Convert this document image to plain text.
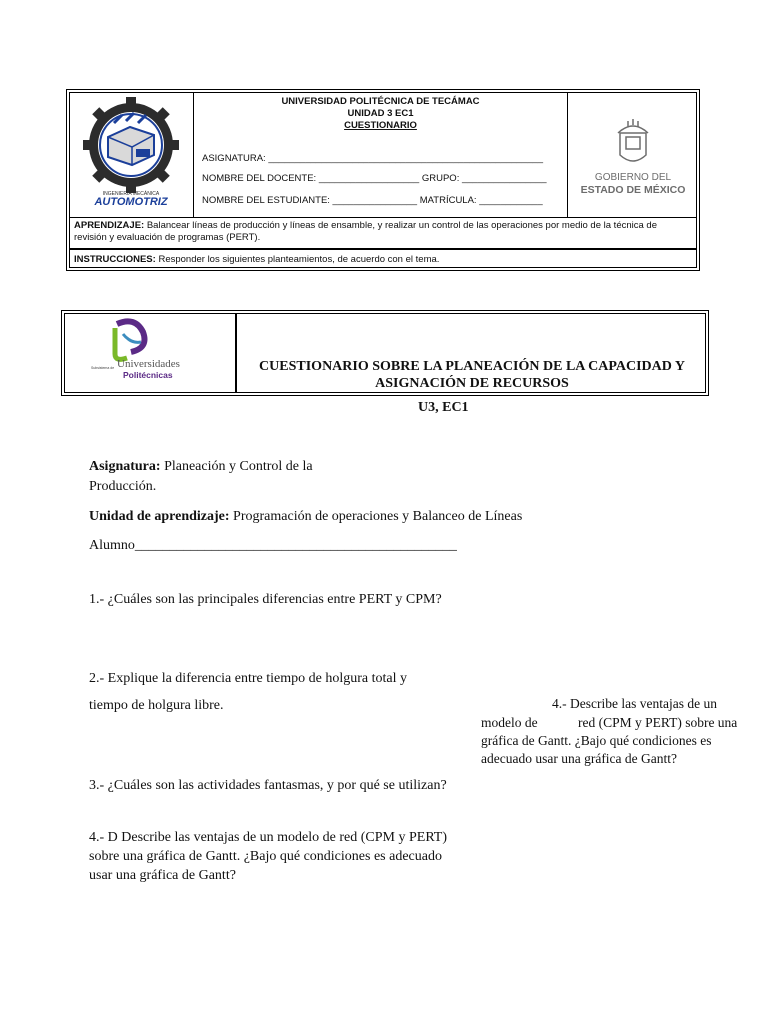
INGENIERÍA MECÁNICA
AUTOMOTRIZ
UNIVERSIDAD POLITÉCNICA DE TECÁMAC
UNIDAD 3 EC1
CUESTIONARIO
ASIGNATURA: ____________________________________________________
NOMBRE DEL DOCENTE: ___________________ GRUPO: ________________
NOMBRE DEL ESTUDIANTE: ________________ MATRÍCULA: ____________
GOBIERNO DEL
ESTADO DE MÉXICO
APRENDIZAJE: Balancear líneas de producción y líneas de ensamble, y realizar un control de las operaciones por medio de la técnica de revisión y evaluación de programas (PERT).
INSTRUCCIONES: Responder los siguientes planteamientos, de acuerdo con el tema.
Subsistema de Universidades
Politécnicas
CUESTIONARIO SOBRE LA PLANEACIÓN DE LA CAPACIDAD Y
ASIGNACIÓN DE RECURSOS
U3, EC1
Asignatura: Planeación y Control de la
Producción.
Unidad de aprendizaje: Programación de operaciones y Balanceo de Líneas
Alumno______________________________________________
1.- ¿Cuáles son las principales diferencias entre PERT y CPM?
2.- Explique la diferencia entre tiempo de holgura total y
tiempo de holgura libre.	4.- Describe las ventajas de un
modelo de	red (CPM y PERT) sobre una
gráfica de Gantt. ¿Bajo qué condiciones es
adecuado usar una gráfica de Gantt?
3.- ¿Cuáles son las actividades fantasmas, y por qué se utilizan?
4.- D Describe las ventajas de un modelo de red (CPM y PERT)
sobre una gráfica de Gantt. ¿Bajo qué condiciones es adecuado
usar una gráfica de Gantt?
